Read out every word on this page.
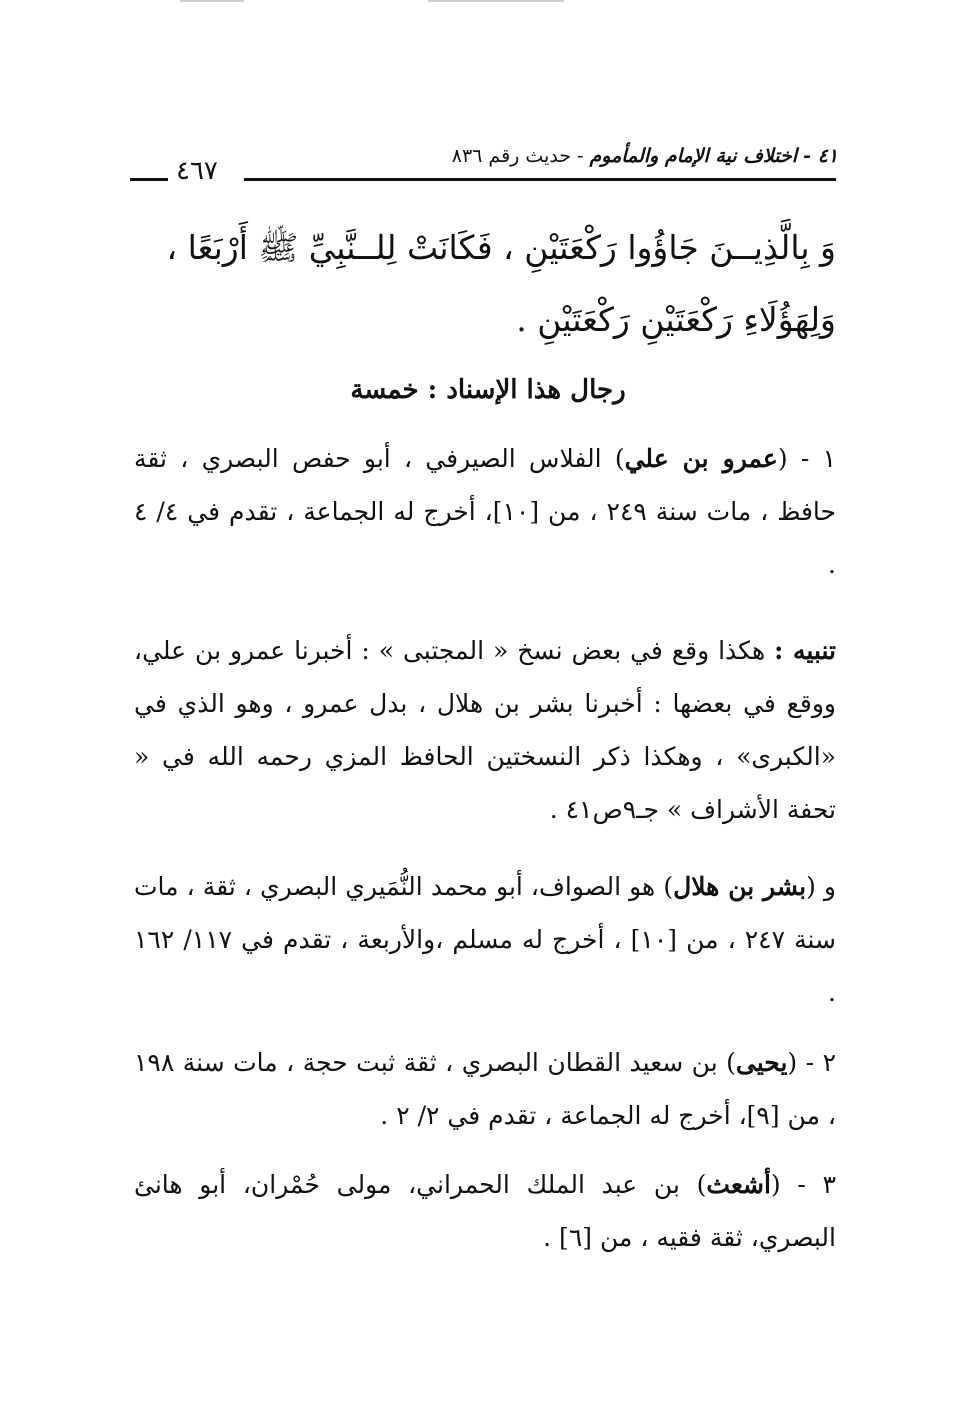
٤١ - اختلاف نية الإمام والمأموم - حديث رقم ٨٣٦
٤٦٧

وَ بِالَّذِيــنَ جَاؤُوا رَكْعَتَيْنِ ، فَكَانَتْ لِلــنَّبِيِّ ﷺ أَرْبَعًا ،

وَلِهَؤُلَاءِ رَكْعَتَيْنِ رَكْعَتَيْنِ .

رجال هذا الإسناد : خمسة
١ - (عمرو بن علي) الفلاس الصيرفي ، أبو حفص البصري ، ثقة حافظ ، مات سنة ٢٤٩ ، من [١٠]، أخرج له الجماعة ، تقدم في ٤/ ٤ .
تنبيه : هكذا وقع في بعض نسخ « المجتبى » : أخبرنا عمرو بن علي، ووقع في بعضها : أخبرنا بشر بن هلال ، بدل عمرو ، وهو الذي في «الكبرى» ، وهكذا ذكر النسختين الحافظ المزي رحمه الله في « تحفة الأشراف » جـ٩ص٤١ .
و (بشر بن هلال) هو الصواف، أبو محمد النُّمَيري البصري ، ثقة ، مات سنة ٢٤٧ ، من [١٠] ، أخرج له مسلم ،والأربعة ، تقدم في ١١٧/ ١٦٢ .
٢ - (يحيى) بن سعيد القطان البصري ، ثقة ثبت حجة ، مات سنة ١٩٨ ، من [٩]، أخرج له الجماعة ، تقدم في ٢/ ٢ .
٣ - (أشعث) بن عبد الملك الحمراني، مولى حُمْران، أبو هانئ البصري، ثقة فقيه ، من [٦] .
